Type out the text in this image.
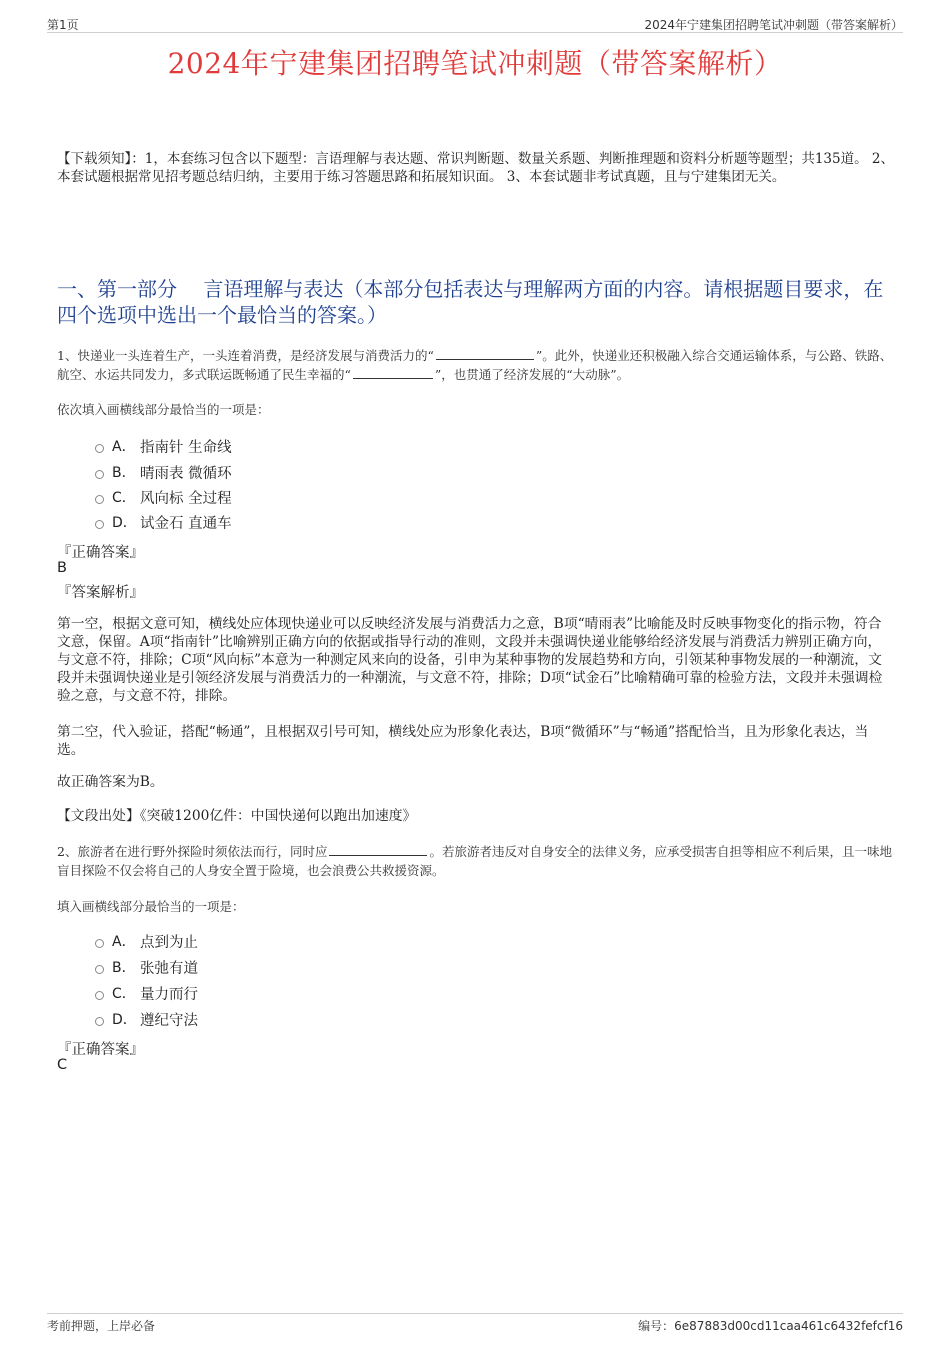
第1页	2024年宁建集团招聘笔试冲刺题（带答案解析）
2024年宁建集团招聘笔试冲刺题（带答案解析）
【下载须知】：1，本套练习包含以下题型：言语理解与表达题、常识判断题、数量关系题、判断推理题和资料分析题等题型；共135道。 2、本套试题根据常见招考题总结归纳，主要用于练习答题思路和拓展知识面。 3、本套试题非考试真题，且与宁建集团无关。
一、第一部分　 言语理解与表达（本部分包括表达与理解两方面的内容。请根据题目要求，在四个选项中选出一个最恰当的答案。）
1、快递业一头连着生产，一头连着消费，是经济发展与消费活力的“	”。此外，快递业还积极融入综合交通运输体系，与公路、铁路、航空、水运共同发力，多式联运既畅通了民生幸福的“	”，也贯通了经济发展的“大动脉”。
依次填入画横线部分最恰当的一项是：
A． 指南针 生命线
B． 晴雨表 微循环
C． 风向标 全过程
D． 试金石 直通车
『正确答案』
B
『答案解析』
第一空，根据文意可知，横线处应体现快递业可以反映经济发展与消费活力之意，B项“晴雨表”比喻能及时反映事物变化的指示物，符合文意，保留。A项“指南针”比喻辨别正确方向的依据或指导行动的准则，文段并未强调快递业能够给经济发展与消费活力辨别正确方向，与文意不符，排除；C项“风向标”本意为一种测定风来向的设备，引申为某种事物的发展趋势和方向，引领某种事物发展的一种潮流，文段并未强调快递业是引领经济发展与消费活力的一种潮流，与文意不符，排除；D项“试金石”比喻精确可靠的检验方法，文段并未强调检验之意，与文意不符，排除。
第二空，代入验证，搭配“畅通”，且根据双引号可知，横线处应为形象化表达，B项“微循环”与“畅通”搭配恰当，且为形象化表达，当选。
故正确答案为B。
【文段出处】《突破1200亿件：中国快递何以跑出加速度》
2、旅游者在进行野外探险时须依法而行，同时应	。若旅游者违反对自身安全的法律义务，应承受损害自担等相应不利后果，且一味地盲目探险不仅会将自己的人身安全置于险境，也会浪费公共救援资源。
填入画横线部分最恰当的一项是：
A． 点到为止
B． 张弛有道
C． 量力而行
D． 遵纪守法
『正确答案』
C
考前押题，上岸必备	编号：6e87883d00cd11caa461c6432fefcf16
